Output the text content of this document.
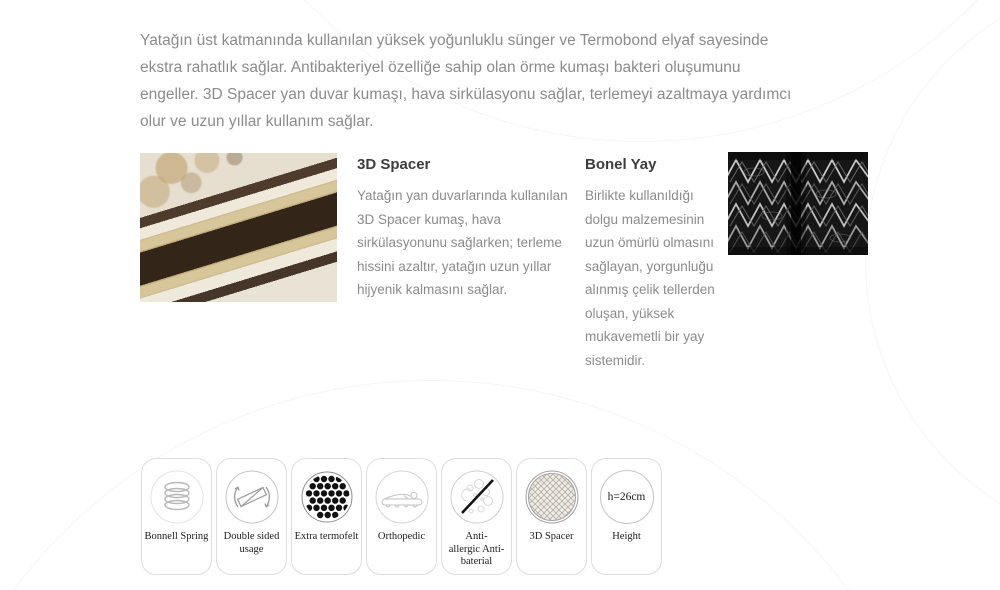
Yatağın üst katmanında kullanılan yüksek yoğunluklu sünger ve Termobond elyaf sayesinde ekstra rahatlık sağlar. Antibakteriyel özelliğe sahip olan örme kumaşı bakteri oluşumunu engeller. 3D Spacer yan duvar kumaşı, hava sirkülasyonu sağlar, terlemeyi azaltmaya yardımcı olur ve uzun yıllar kullanım sağlar.

3D Spacer

Yatağın yan duvarlarında kullanılan 3D Spacer kumaş, hava sirkülasyonunu sağlarken; terleme hissini azaltır, yatağın uzun yıllar hijyenik kalmasını sağlar.

Bonel Yay

Birlikte kullanıldığı dolgu malzemesinin uzun ömürlü olmasını sağlayan, yorgunluğu alınmış çelik tellerden oluşan, yüksek mukavemetli bir yay sistemidir.

Bonnell Spring Double sided usage
Extra termofelt Orthopedic	Anti- allergic Anti- baterial
3D Spacer
h=26cm
Height
